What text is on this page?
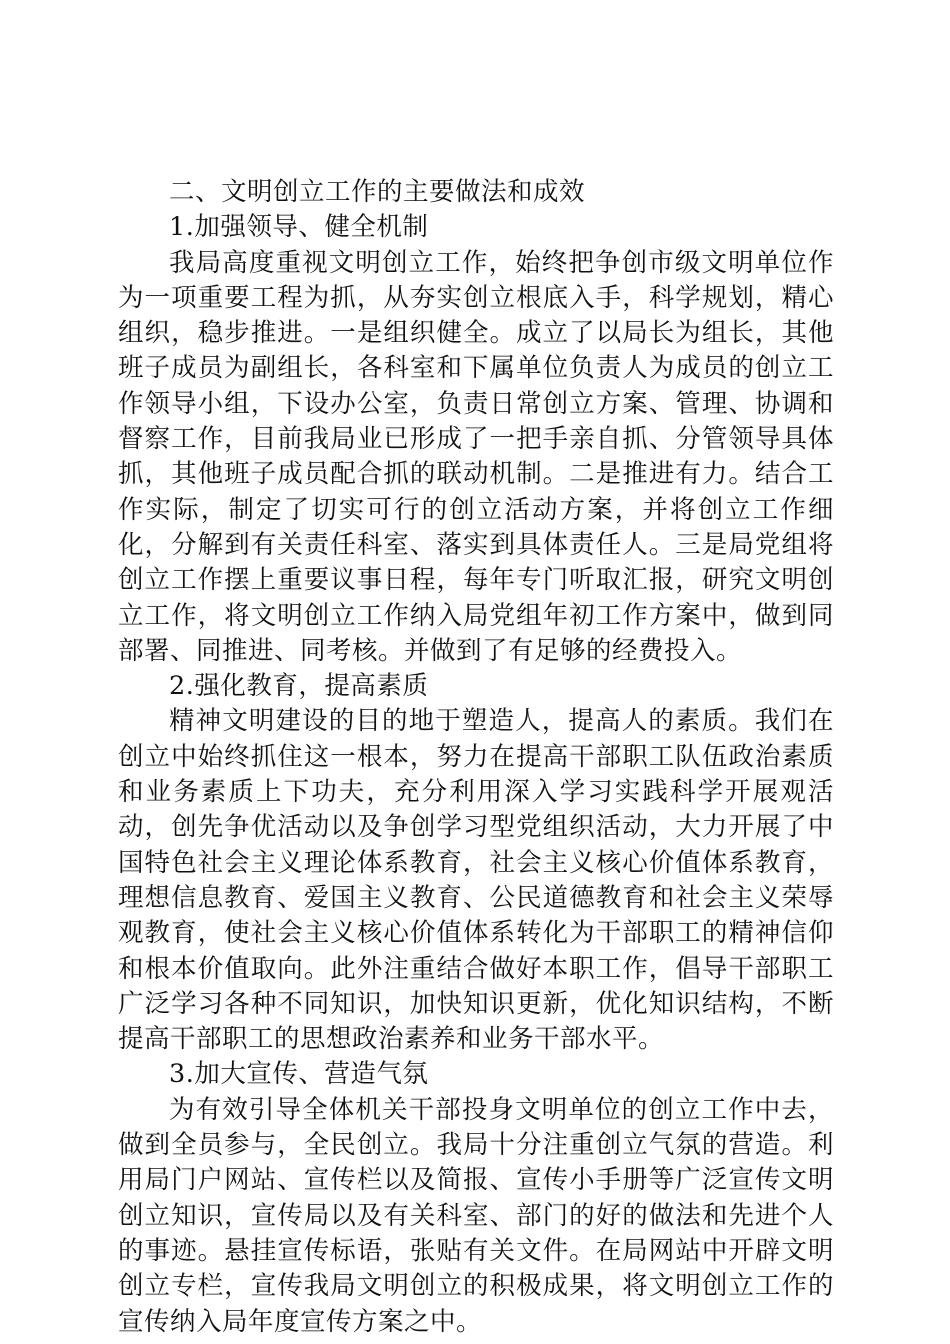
二、文明创立工作的主要做法和成效

1.加强领导、健全机制

我局高度重视文明创立工作，始终把争创市级文明单位作为一项重要工程为抓，从夯实创立根底入手，科学规划，精心组织，稳步推进。一是组织健全。成立了以局长为组长，其他班子成员为副组长，各科室和下属单位负责人为成员的创立工作领导小组，下设办公室，负责日常创立方案、管理、协调和督察工作，目前我局业已形成了一把手亲自抓、分管领导具体抓，其他班子成员配合抓的联动机制。二是推进有力。结合工作实际，制定了切实可行的创立活动方案，并将创立工作细化，分解到有关责任科室、落实到具体责任人。三是局党组将创立工作摆上重要议事日程，每年专门听取汇报，研究文明创立工作，将文明创立工作纳入局党组年初工作方案中，做到同部署、同推进、同考核。并做到了有足够的经费投入。

2.强化教育，提高素质

精神文明建设的目的地于塑造人，提高人的素质。我们在创立中始终抓住这一根本，努力在提高干部职工队伍政治素质和业务素质上下功夫，充分利用深入学习实践科学开展观活动，创先争优活动以及争创学习型党组织活动，大力开展了中国特色社会主义理论体系教育，社会主义核心价值体系教育，理想信息教育、爱国主义教育、公民道德教育和社会主义荣辱观教育，使社会主义核心价值体系转化为干部职工的精神信仰和根本价值取向。此外注重结合做好本职工作，倡导干部职工广泛学习各种不同知识，加快知识更新，优化知识结构，不断提高干部职工的思想政治素养和业务干部水平。

3.加大宣传、营造气氛

为有效引导全体机关干部投身文明单位的创立工作中去，做到全员参与，全民创立。我局十分注重创立气氛的营造。利用局门户网站、宣传栏以及简报、宣传小手册等广泛宣传文明创立知识，宣传局以及有关科室、部门的好的做法和先进个人的事迹。悬挂宣传标语，张贴有关文件。在局网站中开辟文明创立专栏，宣传我局文明创立的积极成果，将文明创立工作的宣传纳入局年度宣传方案之中。
